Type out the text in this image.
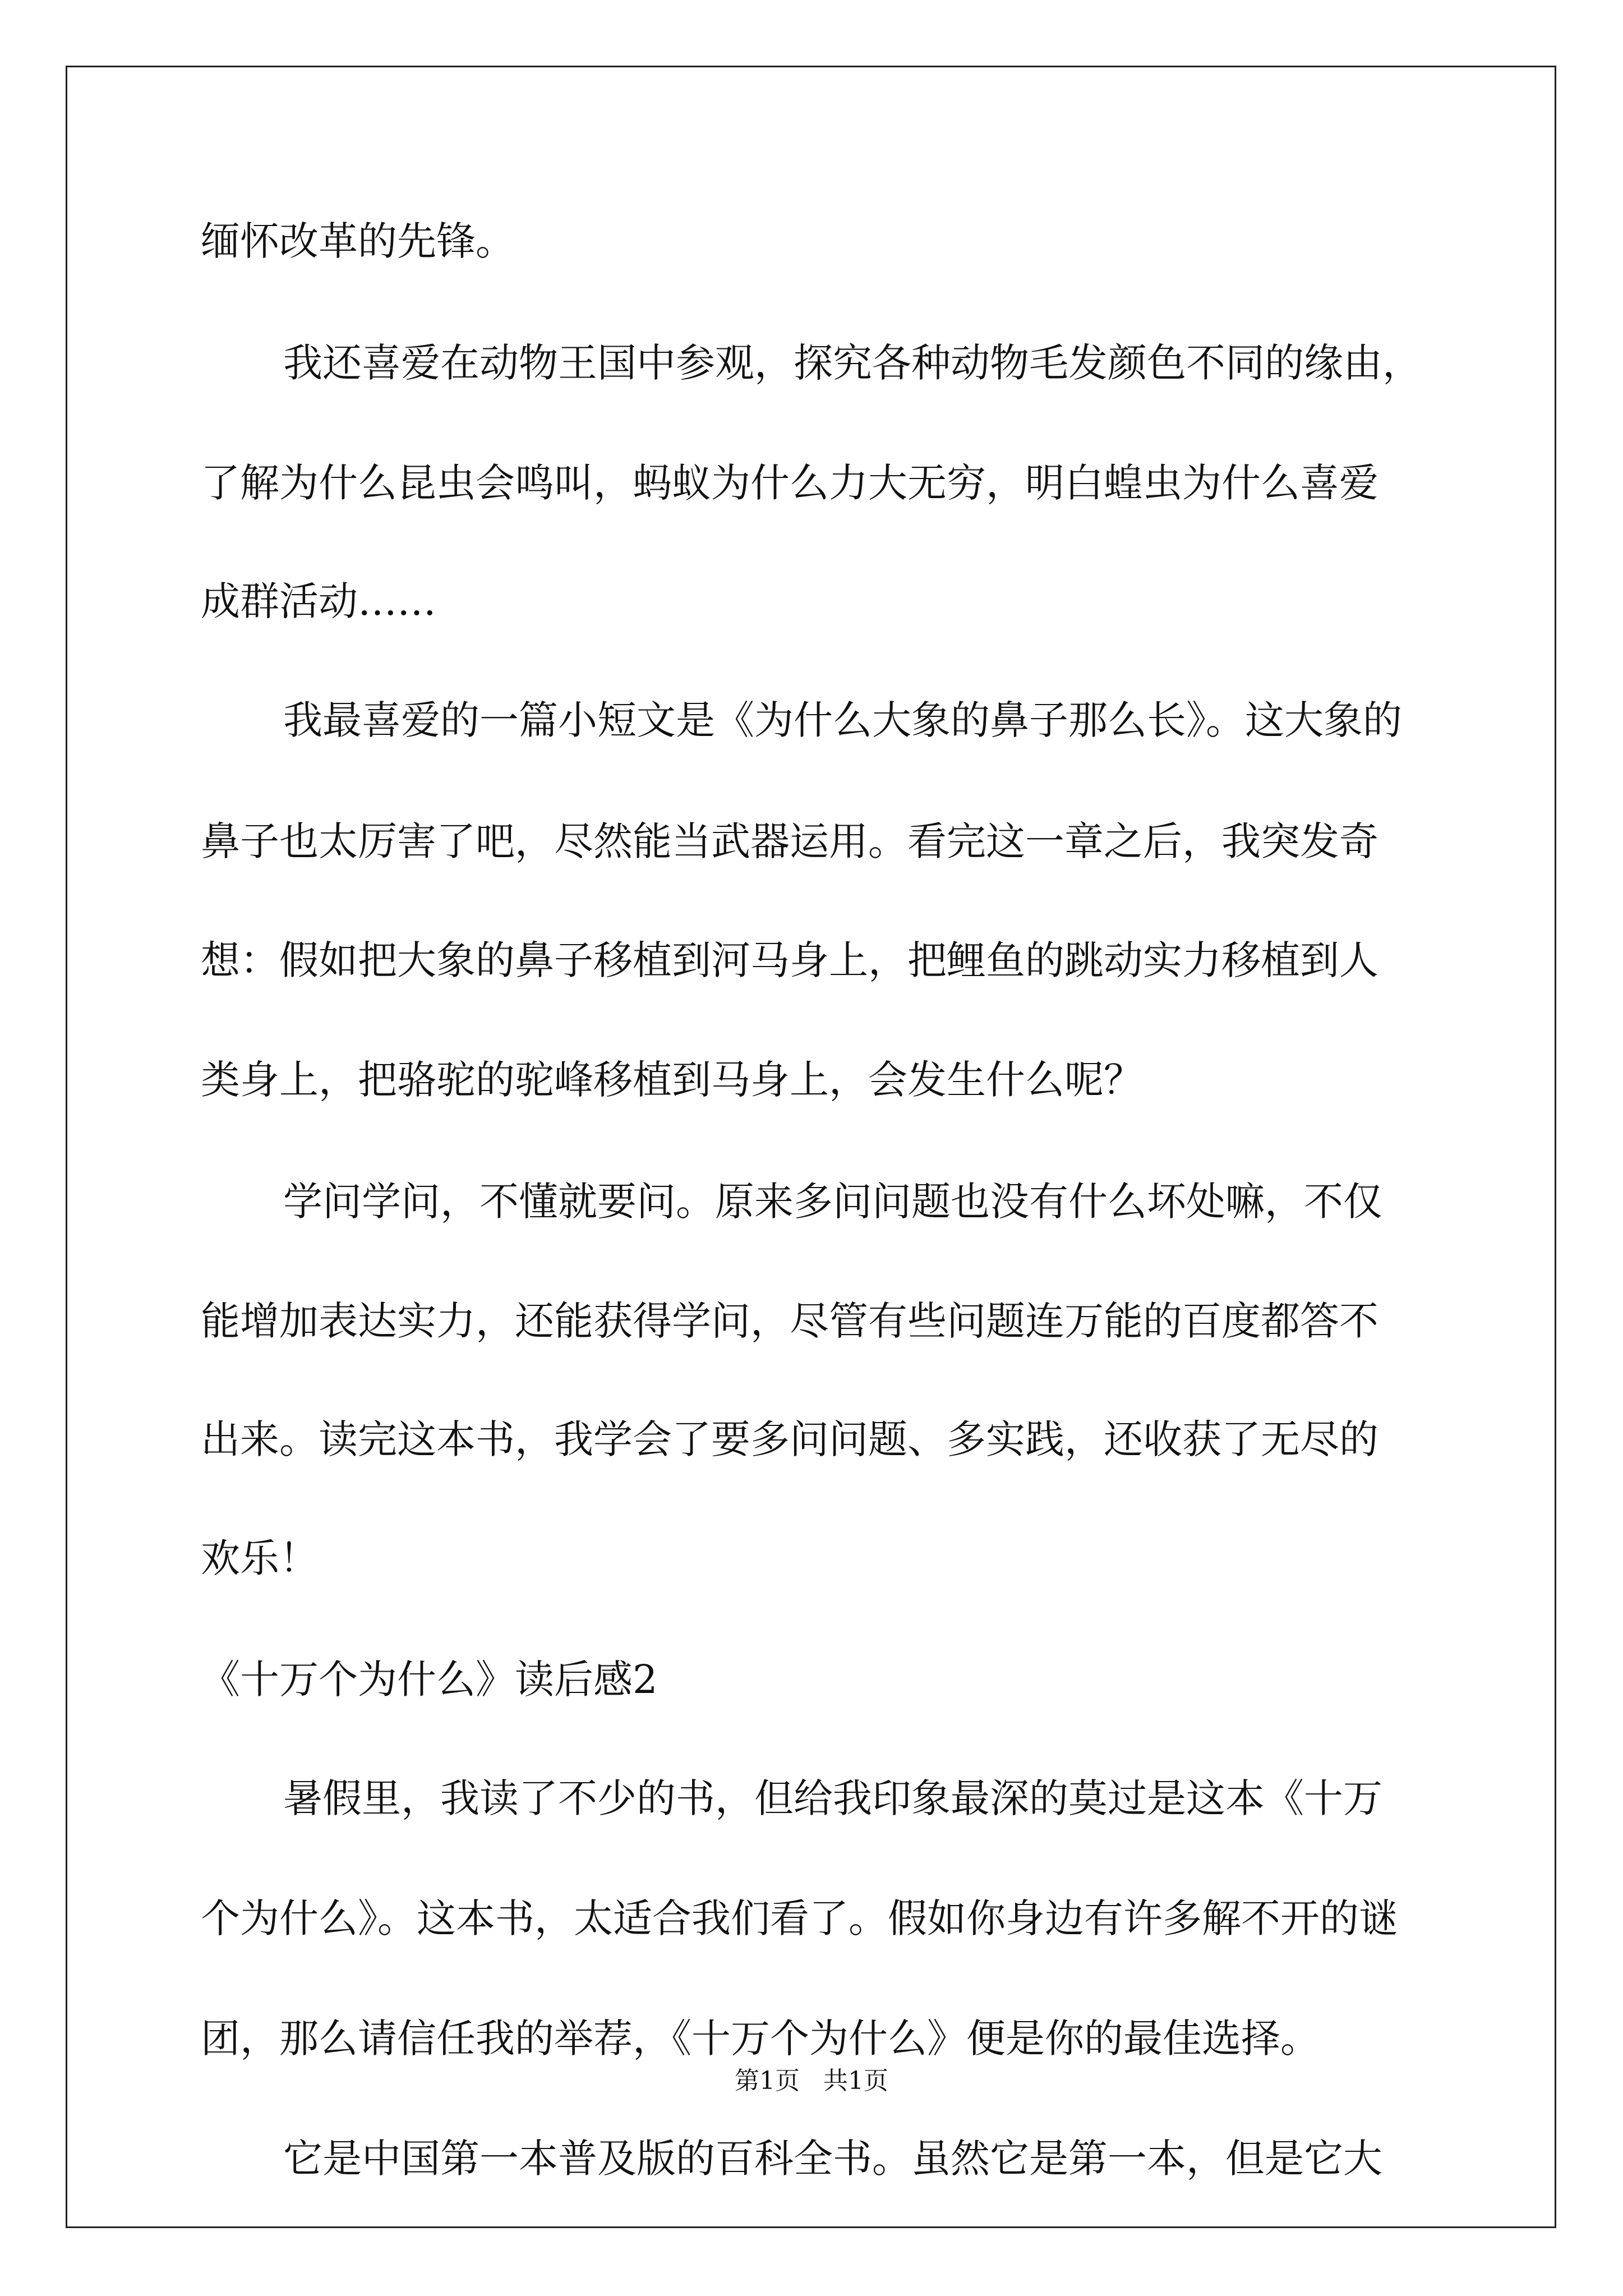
缅怀改革的先锋。
我还喜爱在动物王国中参观，探究各种动物毛发颜色不同的缘由，
了解为什么昆虫会鸣叫，蚂蚁为什么力大无穷，明白蝗虫为什么喜爱
成群活动……
我最喜爱的一篇小短文是《为什么大象的鼻子那么长》。这大象的
鼻子也太厉害了吧，尽然能当武器运用。看完这一章之后，我突发奇
想：假如把大象的鼻子移植到河马身上，把鲤鱼的跳动实力移植到人
类身上，把骆驼的驼峰移植到马身上，会发生什么呢？
学问学问，不懂就要问。原来多问问题也没有什么坏处嘛，不仅
能增加表达实力，还能获得学问，尽管有些问题连万能的百度都答不
出来。读完这本书，我学会了要多问问题、多实践，还收获了无尽的
欢乐！
《十万个为什么》读后感2
暑假里，我读了不少的书，但给我印象最深的莫过是这本《十万
个为什么》。这本书，太适合我们看了。假如你身边有许多解不开的谜
团，那么请信任我的举荐，《十万个为什么》便是你的最佳选择。
它是中国第一本普及版的百科全书。虽然它是第一本，但是它大
第1页   共1页
